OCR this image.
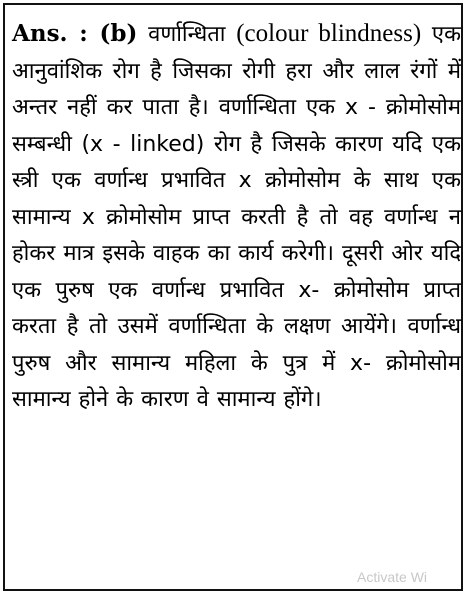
Ans. : (b) वर्णान्धिता (colour blindness) एक आनुवांशिक रोग है जिसका रोगी हरा और लाल रंगों में अन्तर नहीं कर पाता है। वर्णान्धिता एक x - क्रोमोसोम सम्बन्धी (x - linked) रोग है जिसके कारण यदि एक स्त्री एक वर्णान्ध प्रभावित x क्रोमोसोम के साथ एक सामान्य x क्रोमोसोम प्राप्त करती है तो वह वर्णान्ध न होकर मात्र इसके वाहक का कार्य करेगी। दूसरी ओर यदि एक पुरुष एक वर्णान्ध प्रभावित x- क्रोमोसोम प्राप्त करता है तो उसमें वर्णान्धिता के लक्षण आयेंगे। वर्णान्ध पुरुष और सामान्य महिला के पुत्र में x- क्रोमोसोम सामान्य होने के कारण वे सामान्य होंगे।

Activate Wi
